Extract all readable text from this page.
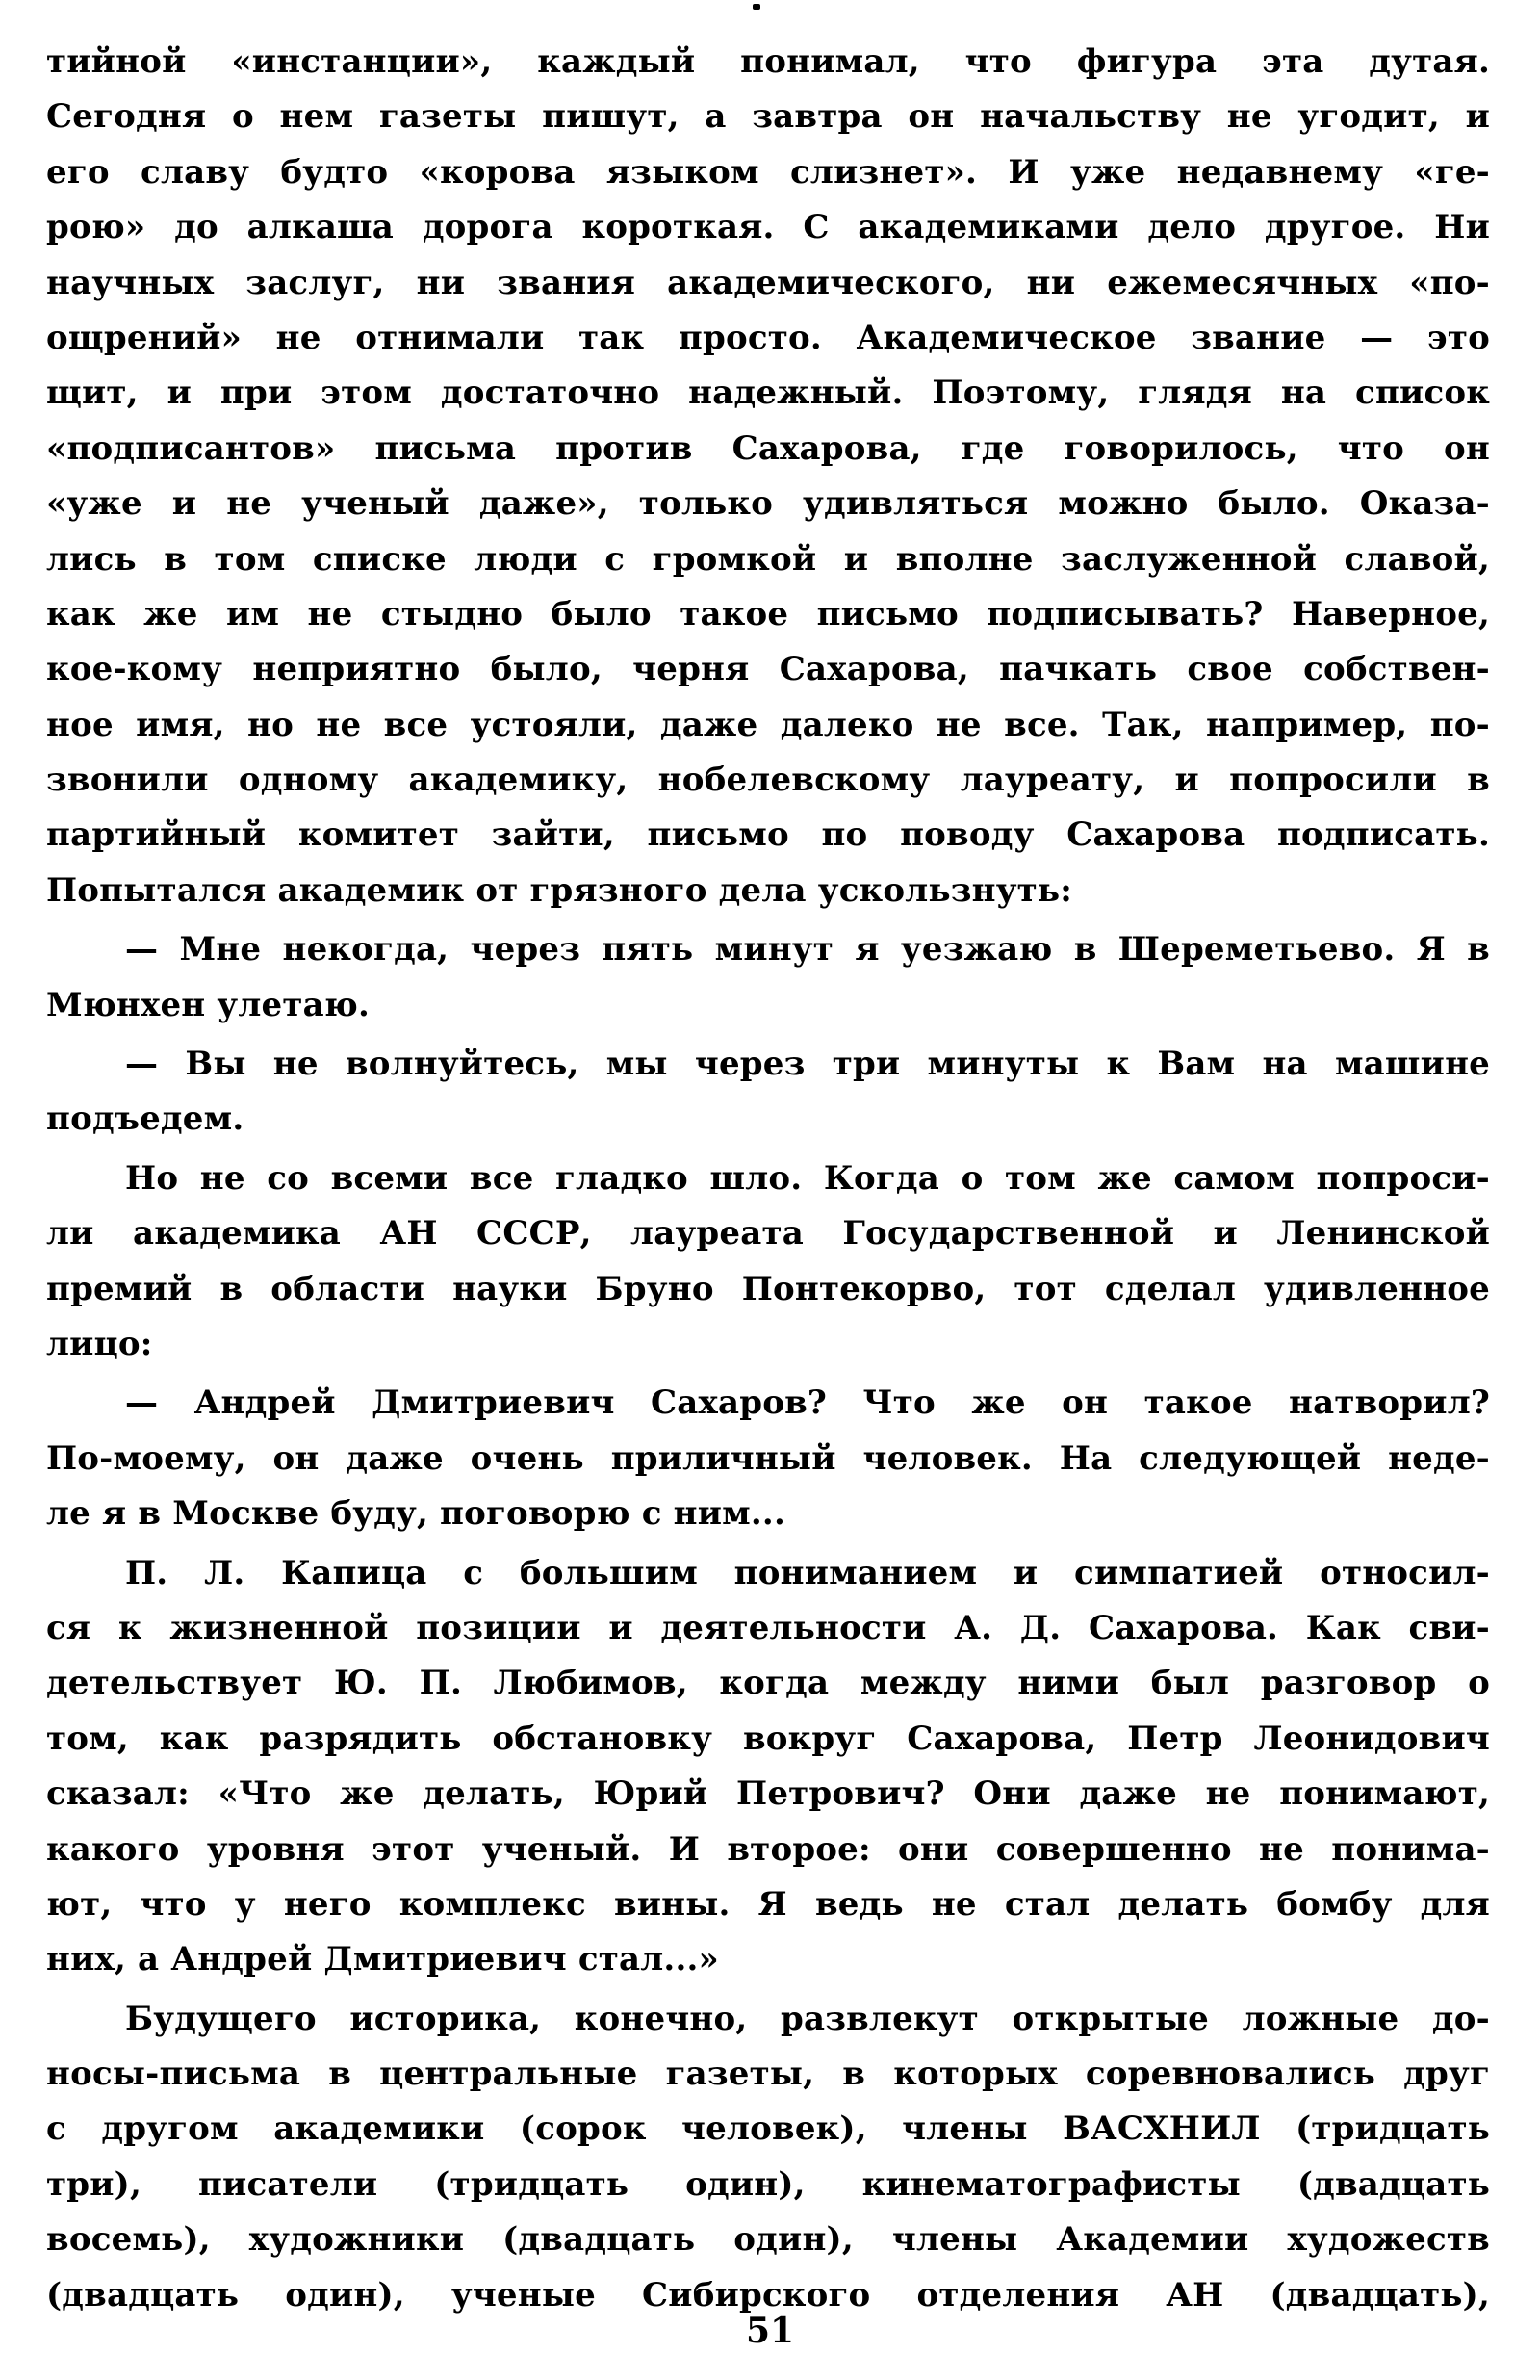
тийной «инстанции», каждый понимал, что фигура эта дутая.
Сегодня о нем газеты пишут, а завтра он начальству не угодит, и
его славу будто «корова языком слизнет». И уже недавнему «ге-
рою» до алкаша дорога короткая. С академиками дело другое. Ни
научных заслуг, ни звания академического, ни ежемесячных «по-
ощрений» не отнимали так просто. Академическое звание — это
щит, и при этом достаточно надежный. Поэтому, глядя на список
«подписантов» письма против Сахарова, где говорилось, что он
«уже и не ученый даже», только удивляться можно было. Оказа-
лись в том списке люди с громкой и вполне заслуженной славой,
как же им не стыдно было такое письмо подписывать? Наверное,
кое-кому неприятно было, черня Сахарова, пачкать свое собствен-
ное имя, но не все устояли, даже далеко не все. Так, например, по-
звонили одному академику, нобелевскому лауреату, и попросили в
партийный комитет зайти, письмо по поводу Сахарова подписать.
Попытался академик от грязного дела ускользнуть:
— Мне некогда, через пять минут я уезжаю в Шереметьево. Я в
Мюнхен улетаю.
— Вы не волнуйтесь, мы через три минуты к Вам на машине
подъедем.
Но не со всеми все гладко шло. Когда о том же самом попроси-
ли академика АН СССР, лауреата Государственной и Ленинской
премий в области науки Бруно Понтекорво, тот сделал удивленное
лицо:
— Андрей Дмитриевич Сахаров? Что же он такое натворил?
По-моему, он даже очень приличный человек. На следующей неде-
ле я в Москве буду, поговорю с ним...
П. Л. Капица с большим пониманием и симпатией относил-
ся к жизненной позиции и деятельности А. Д. Сахарова. Как сви-
детельствует Ю. П. Любимов, когда между ними был разговор о
том, как разрядить обстановку вокруг Сахарова, Петр Леонидович
сказал: «Что же делать, Юрий Петрович? Они даже не понимают,
какого уровня этот ученый. И второе: они совершенно не понима-
ют, что у него комплекс вины. Я ведь не стал делать бомбу для
них, а Андрей Дмитриевич стал...»
Будущего историка, конечно, развлекут открытые ложные до-
носы-письма в центральные газеты, в которых соревновались друг
с другом академики (сорок человек), члены ВАСХНИЛ (тридцать
три), писатели (тридцать один), кинематографисты (двадцать
восемь), художники (двадцать один), члены Академии художеств
(двадцать один), ученые Сибирского отделения АН (двадцать),
51
